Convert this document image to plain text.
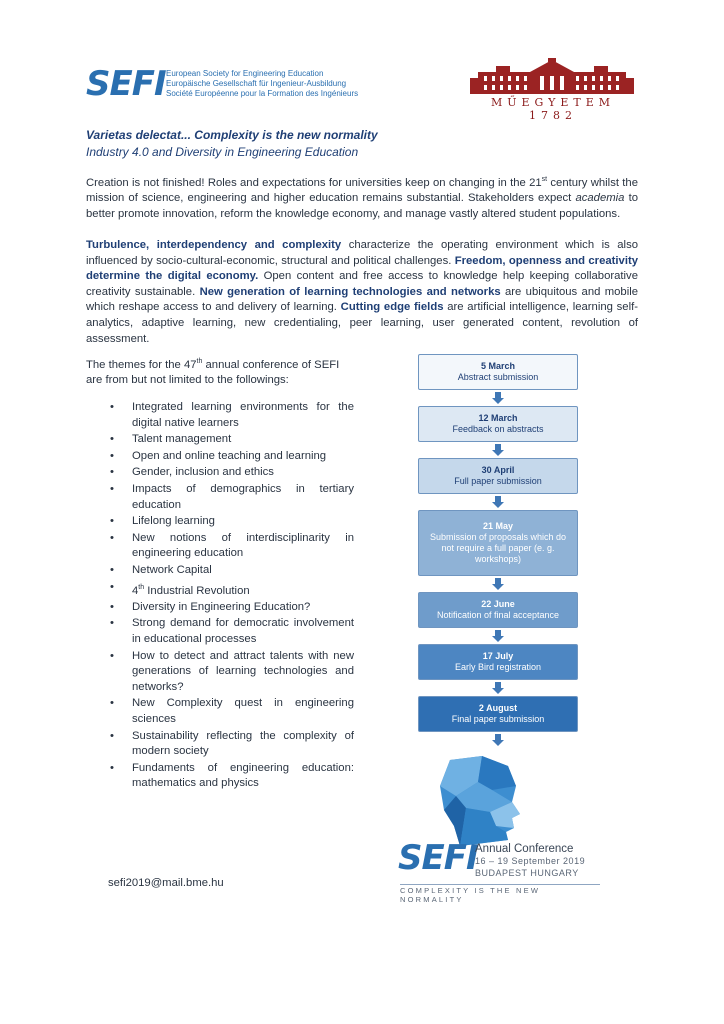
SEFI European Society for Engineering Education
Europäische Gesellschaft für Ingenieur-Ausbildung
Société Européenne pour la Formation des Ingénieurs
MŰEGYETEM 1782
Varietas delectat... Complexity is the new normality
Industry 4.0 and Diversity in Engineering Education

Creation is not finished! Roles and expectations for universities keep on changing in the 21st century whilst the mission of science, engineering and higher education remains substantial. Stakeholders expect academia to better promote innovation, reform the knowledge economy, and manage vastly altered student populations.

Turbulence, interdependency and complexity characterize the operating environment which is also influenced by socio-cultural-economic, structural and political challenges. Freedom, openness and creativity determine the digital economy. Open content and free access to knowledge help keeping collaborative creativity sustainable. New generation of learning technologies and networks are ubiquitous and mobile which reshape access to and delivery of learning. Cutting edge fields are artificial intelligence, learning self-analytics, adaptive learning, new credentialing, peer learning, user generated content, revolution of assessment.

The themes for the 47th annual conference of SEFI are from but not limited to the followings:

• Integrated learning environments for the digital native learners
• Talent management
• Open and online teaching and learning
• Gender, inclusion and ethics
• Impacts of demographics in tertiary education
• Lifelong learning
• New notions of interdisciplinarity in engineering education
• Network Capital
• 4th Industrial Revolution
• Diversity in Engineering Education?
• Strong demand for democratic involvement in educational processes
• How to detect and attract talents with new generations of learning technologies and networks?
• New Complexity quest in engineering sciences
• Sustainability reflecting the complexity of modern society
• Fundaments of engineering education: mathematics and physics
5 March
Abstract submission
12 March
Feedback on abstracts
30 April
Full paper submission
21 May
Submission of proposals which do not require a full paper (e. g. workshops)
22 June
Notification of final acceptance
17 July
Early Bird registration
2 August
Final paper submission
SEFI
Annual Conference
16 – 19 September 2019
BUDAPEST HUNGARY
COMPLEXITY IS THE NEW NORMALITY
sefi2019@mail.bme.hu
